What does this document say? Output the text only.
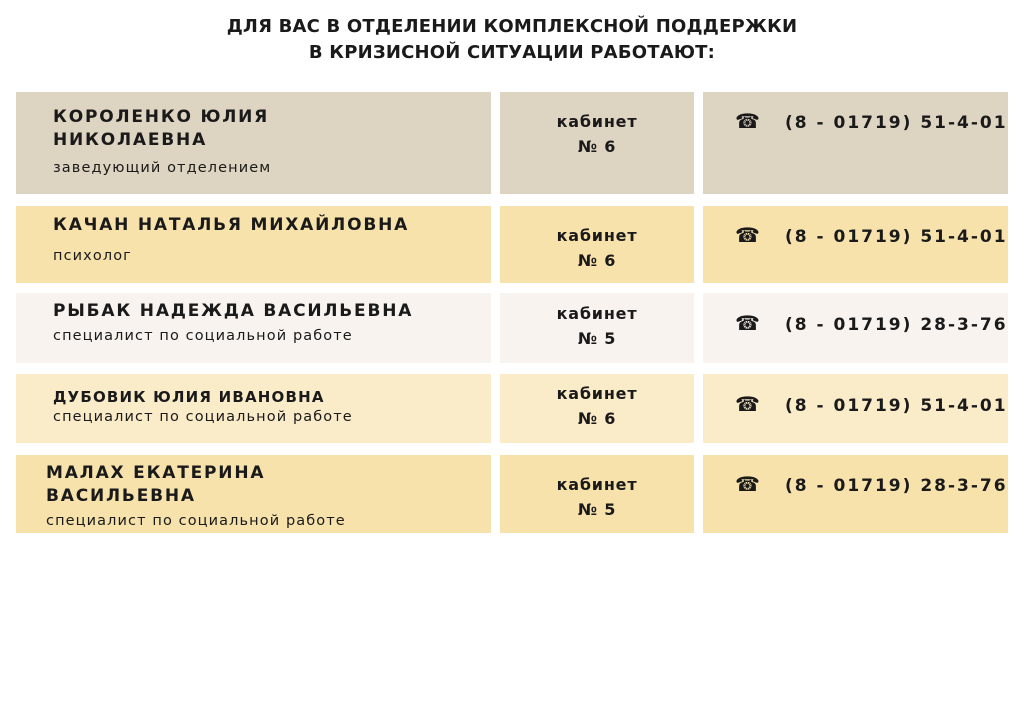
ДЛЯ ВАС В ОТДЕЛЕНИИ КОМПЛЕКСНОЙ ПОДДЕРЖКИ
В КРИЗИСНОЙ СИТУАЦИИ РАБОТАЮТ:
КОРОЛЕНКО ЮЛИЯ
НИКОЛАЕВНА
заведующий отделением
кабинет
№ 6
☎ (8 - 01719) 51-4-01
КАЧАН НАТАЛЬЯ МИХАЙЛОВНА
психолог
кабинет
№ 6
☎ (8 - 01719) 51-4-01
РЫБАК НАДЕЖДА ВАСИЛЬЕВНА
специалист по социальной работе
кабинет
№ 5
☎ (8 - 01719) 28-3-76
ДУБОВИК ЮЛИЯ ИВАНОВНА
специалист по социальной работе
кабинет
№ 6
☎ (8 - 01719) 51-4-01
МАЛАХ ЕКАТЕРИНА
ВАСИЛЬЕВНА
специалист по социальной работе
кабинет
№ 5
☎ (8 - 01719) 28-3-76
